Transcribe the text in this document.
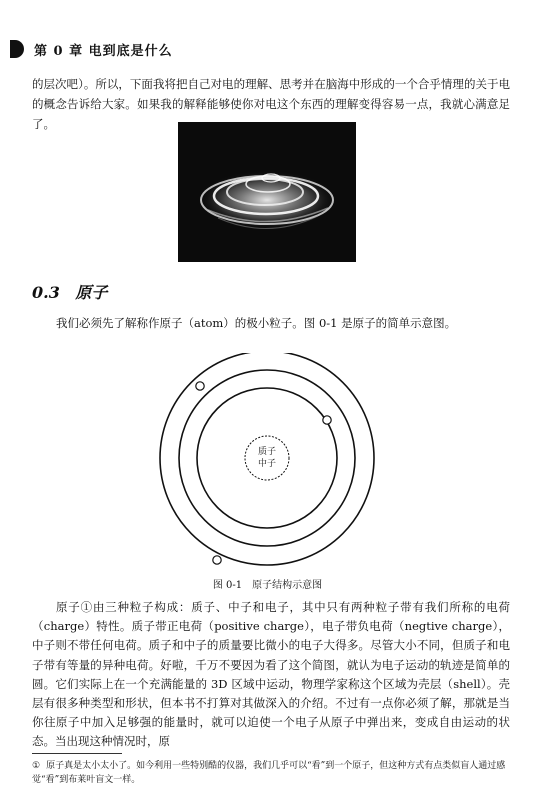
第 0 章 电到底是什么
的层次吧）。所以，下面我将把自己对电的理解、思考并在脑海中形成的一个合乎情理的关于电的概念告诉给大家。如果我的解释能够使你对电这个东西的理解变得容易一点，我就心满意足了。
0.3 原子
我们必须先了解称作原子（atom）的极小粒子。图 0-1 是原子的简单示意图。
质子
中子
图 0-1　原子结构示意图
原子①由三种粒子构成：质子、中子和电子，其中只有两种粒子带有我们所称的电荷（charge）特性。质子带正电荷（positive charge），电子带负电荷（negtive charge），中子则不带任何电荷。质子和中子的质量要比微小的电子大得多。尽管大小不同，但质子和电子带有等量的异种电荷。好啦，千万不要因为看了这个简图，就认为电子运动的轨迹是简单的圆。它们实际上在一个充满能量的 3D 区域中运动，物理学家称这个区域为壳层（shell）。壳层有很多种类型和形状，但本书不打算对其做深入的介绍。不过有一点你必须了解，那就是当你往原子中加入足够强的能量时，就可以迫使一个电子从原子中弹出来，变成自由运动的状态。当出现这种情况时，原
① 原子真是太小太小了。如今利用一些特别酷的仪器，我们几乎可以“看”到一个原子，但这种方式有点类似盲人通过感觉“看”到布莱叶盲文一样。
